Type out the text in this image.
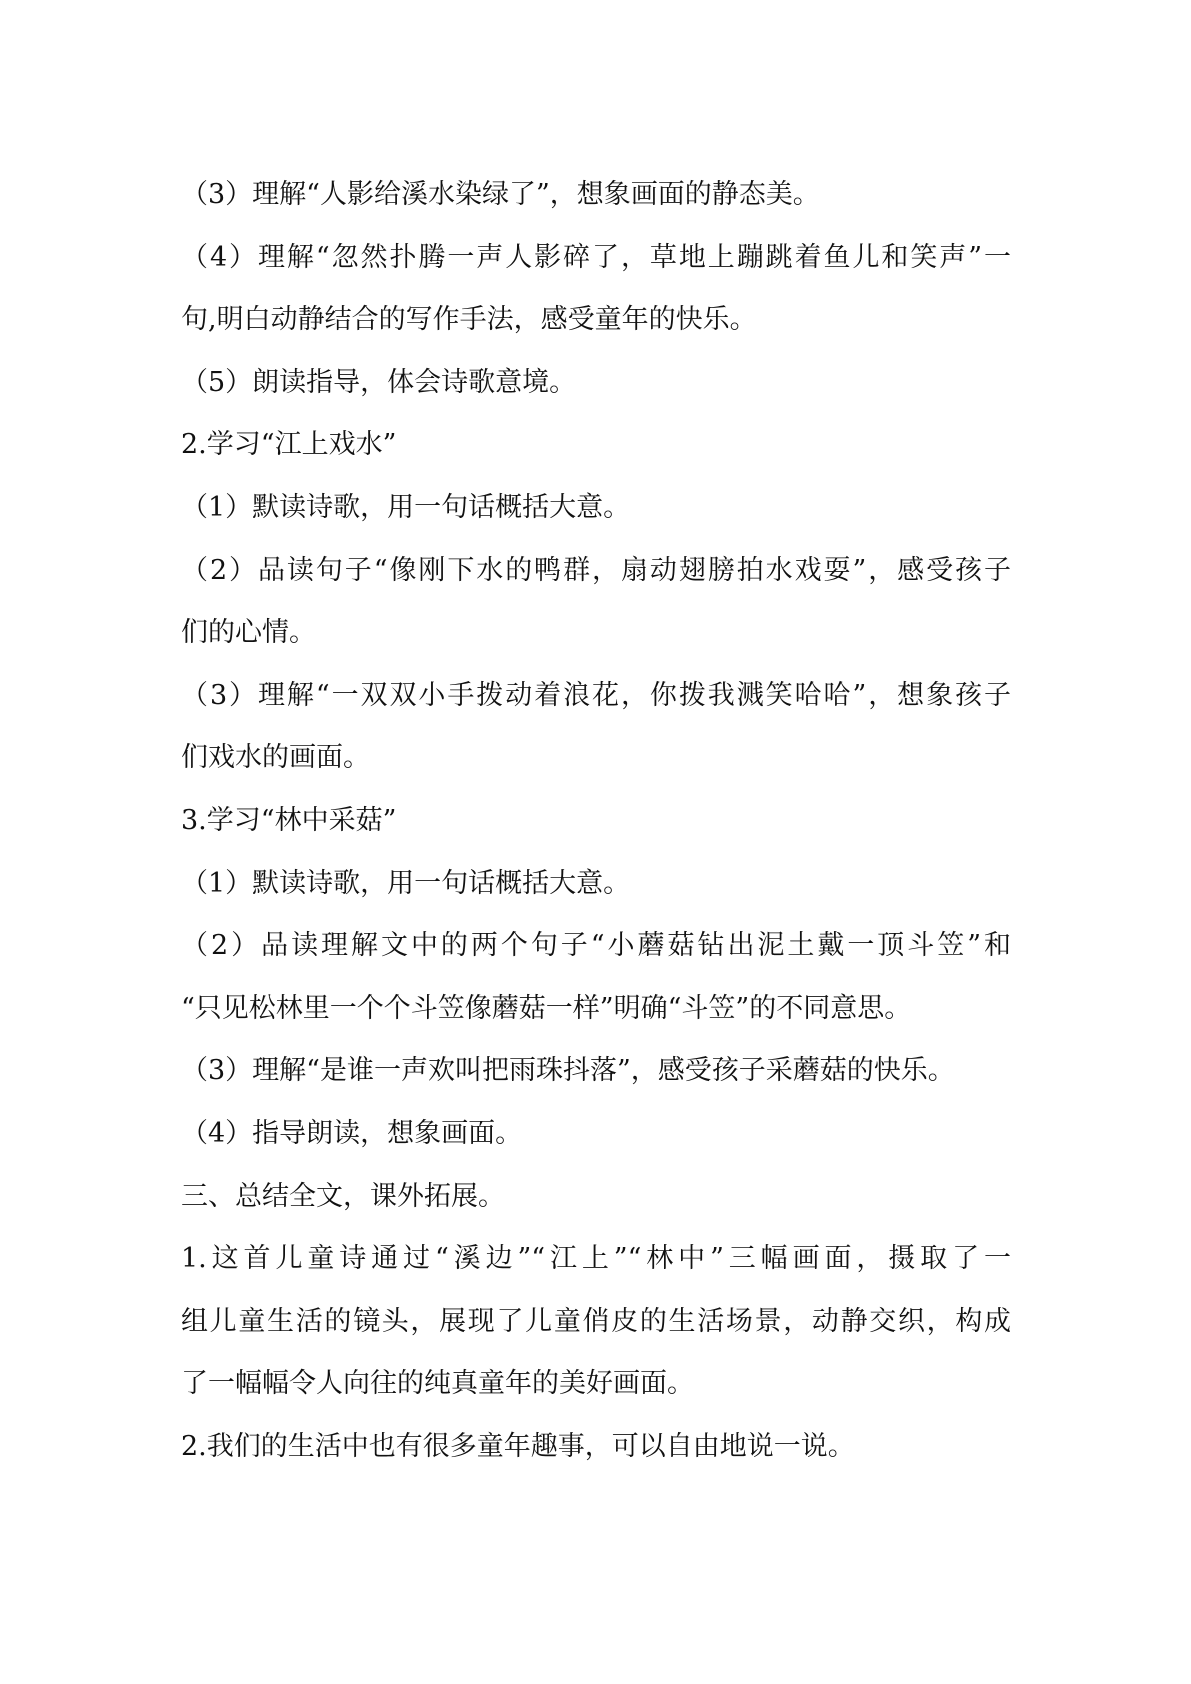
（3）理解“人影给溪水染绿了”，想象画面的静态美。
（4）理解“忽然扑腾一声人影碎了，草地上蹦跳着鱼儿和笑声”一
句,明白动静结合的写作手法，感受童年的快乐。
（5）朗读指导，体会诗歌意境。
2.学习“江上戏水”
（1）默读诗歌，用一句话概括大意。
（2）品读句子“像刚下水的鸭群，扇动翅膀拍水戏耍”，感受孩子
们的心情。
（3）理解“一双双小手拨动着浪花，你拨我溅笑哈哈”，想象孩子
们戏水的画面。
3.学习“林中采菇”
（1）默读诗歌，用一句话概括大意。
（2）品读理解文中的两个句子“小蘑菇钻出泥土戴一顶斗笠”和
“只见松林里一个个斗笠像蘑菇一样”明确“斗笠”的不同意思。
（3）理解“是谁一声欢叫把雨珠抖落”，感受孩子采蘑菇的快乐。
（4）指导朗读，想象画面。
三、总结全文，课外拓展。
1.这首儿童诗通过“溪边”“江上”“林中”三幅画面，摄取了一
组儿童生活的镜头，展现了儿童俏皮的生活场景，动静交织，构成
了一幅幅令人向往的纯真童年的美好画面。
2.我们的生活中也有很多童年趣事，可以自由地说一说。
